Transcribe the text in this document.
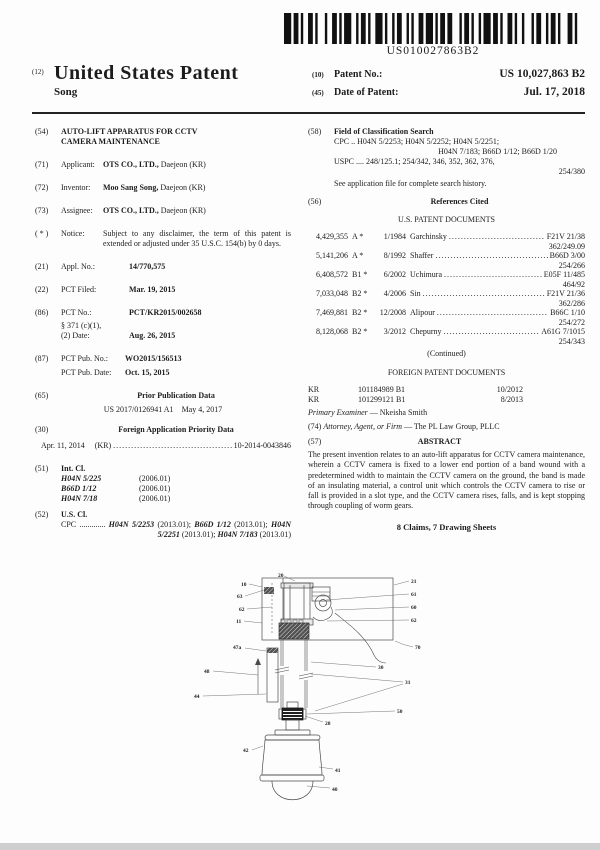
US010027863B2
(12) United States Patent
Song
(10)	Patent No.:	US 10,027,863 B2
(45)	Date of Patent:	Jul. 17, 2018
(54)	AUTO-LIFT APPARATUS FOR CCTV
CAMERA MAINTENANCE
(71)	Applicant: OTS CO., LTD., Daejeon (KR)
(72)	Inventor: Moo Sang Song, Daejeon (KR)
(73)	Assignee: OTS CO., LTD., Daejeon (KR)
( * )	Notice:	Subject to any disclaimer, the term of this patent is extended or adjusted under 35 U.S.C. 154(b) by 0 days.
(21)	Appl. No.:	14/770,575
(22)	PCT Filed:	Mar. 19, 2015
(86)	PCT No.:	PCT/KR2015/002658
§ 371 (c)(1),
(2) Date:	Aug. 26, 2015
(87)	PCT Pub. No.: WO2015/156513
PCT Pub. Date: Oct. 15, 2015
(65)	Prior Publication Data
US 2017/0126941 A1 May 4, 2017
(30)	Foreign Application Priority Data
Apr. 11, 2014 (KR) .....	10-2014-0043846
(51)	Int. Cl.
H04N 5/225	(2006.01)
B66D 1/12	(2006.01)
H04N 7/18	(2006.01)
(52)	U.S. Cl.
CPC ............. H04N 5/2253 (2013.01); B66D 1/12 (2013.01); H04N 5/2251 (2013.01); H04N 7/183 (2013.01)
(58)	Field of Classification Search
CPC .. H04N 5/2253; H04N 5/2252; H04N 5/2251;
H04N 7/183; B66D 1/12; B66D 1/20
USPC .... 248/125.1; 254/342, 346, 352, 362, 376,
254/380
See application file for complete search history.
(56)	References Cited
U.S. PATENT DOCUMENTS
4,429,355 A *	1/1984 Garchinsky .....	F21V 21/38
362/249.09
5,141,206 A *	8/1992 Shaffer .....	B66D 3/00
254/266
6,408,572 B1 *	6/2002 Uchimura .....	E05F 11/485
464/92
7,033,048 B2 *	4/2006 Sin .....	F21V 21/36
362/286
7,469,881 B2 *	12/2008 Alipour .....	B66C 1/10
254/272
8,128,068 B2 *	3/2012 Chepurny .....	A61G 7/1015
254/343
(Continued)
FOREIGN PATENT DOCUMENTS
KR	101184989 B1	10/2012
KR	101299121 B1	8/2013
Primary Examiner — Nkeisha Smith
(74) Attorney, Agent, or Firm — The PL Law Group, PLLC
(57)	ABSTRACT
The present invention relates to an auto-lift apparatus for CCTV camera maintenance, wherein a CCTV camera is fixed to a lower end portion of a band wound with a predetermined width to maintain the CCTV camera on the ground, the band is made of an insulating material, a control unit which controls the CCTV camera to rise or fall is provided in a slot type, and the CCTV camera rises, falls, and is kept stopping through coupling of worm gears.
8 Claims, 7 Drawing Sheets
20
10
63
62
11
21
61
60
62
70
47a
48
44
30
31
50
28
42
41
40
